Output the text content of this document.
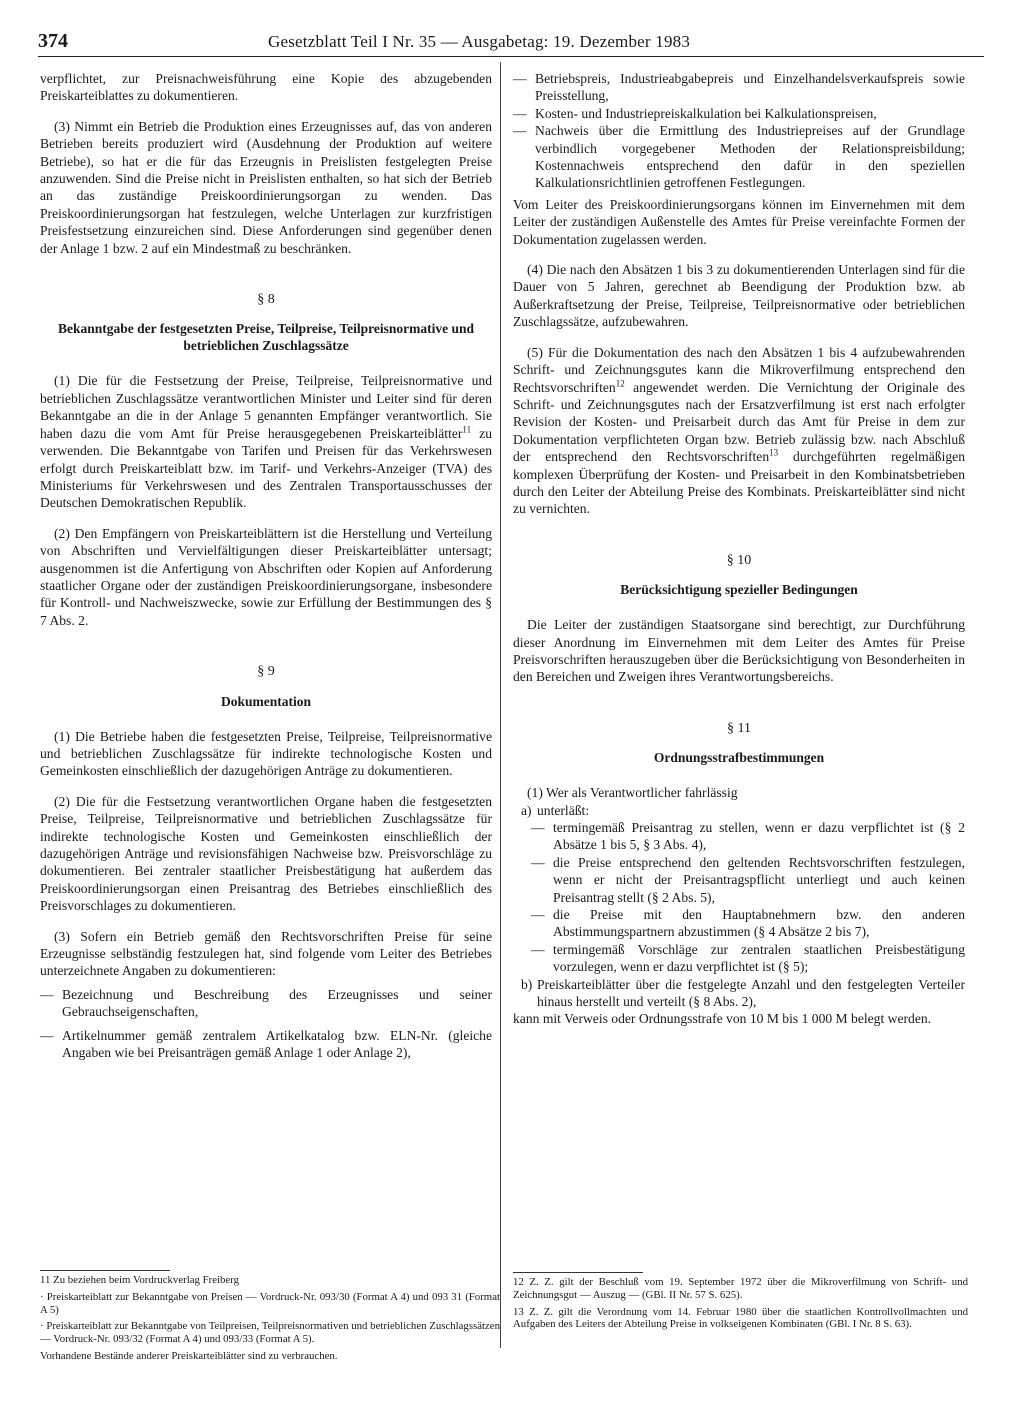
374	Gesetzblatt Teil I Nr. 35 — Ausgabetag: 19. Dezember 1983

verpflichtet, zur Preisnachweisführung eine Kopie des abzugebenden Preiskarteiblattes zu dokumentieren.

(3) Nimmt ein Betrieb die Produktion eines Erzeugnisses auf, das von anderen Betrieben bereits produziert wird (Ausdehnung der Produktion auf weitere Betriebe), so hat er die für das Erzeugnis in Preislisten festgelegten Preise anzuwenden. Sind die Preise nicht in Preislisten enthalten, so hat sich der Betrieb an das zuständige Preiskoordinierungsorgan zu wenden. Das Preiskoordinierungsorgan hat festzulegen, welche Unterlagen zur kurzfristigen Preisfestsetzung einzureichen sind. Diese Anforderungen sind gegenüber denen der Anlage 1 bzw. 2 auf ein Mindestmaß zu beschränken.

§ 8
Bekanntgabe der festgesetzten Preise, Teilpreise, Teilpreisnormative und betrieblichen Zuschlagssätze

(1) Die für die Festsetzung der Preise, Teilpreise, Teilpreisnormative und betrieblichen Zuschlagssätze verantwortlichen Minister und Leiter sind für deren Bekanntgabe an die in der Anlage 5 genannten Empfänger verantwortlich. Sie haben dazu die vom Amt für Preise herausgegebenen Preiskarteiblätter$^{11}$ zu verwenden. Die Bekanntgabe von Tarifen und Preisen für das Verkehrswesen erfolgt durch Preiskarteiblatt bzw. im Tarif- und Verkehrs-Anzeiger (TVA) des Ministeriums für Verkehrswesen und des Zentralen Transportausschusses der Deutschen Demokratischen Republik.

(2) Den Empfängern von Preiskarteiblättern ist die Herstellung und Verteilung von Abschriften und Vervielfältigungen dieser Preiskarteiblätter untersagt; ausgenommen ist die Anfertigung von Abschriften oder Kopien auf Anforderung staatlicher Organe oder der zuständigen Preiskoordinierungsorgane, insbesondere für Kontroll- und Nachweiszwecke, sowie zur Erfüllung der Bestimmungen des § 7 Abs. 2.

§ 9
Dokumentation

(1) Die Betriebe haben die festgesetzten Preise, Teilpreise, Teilpreisnormative und betrieblichen Zuschlagssätze für indirekte technologische Kosten und Gemeinkosten einschließlich der dazugehörigen Anträge zu dokumentieren.

(2) Die für die Festsetzung verantwortlichen Organe haben die festgesetzten Preise, Teilpreise, Teilpreisnormative und betrieblichen Zuschlagssätze für indirekte technologische Kosten und Gemeinkosten einschließlich der dazugehörigen Anträge und revisionsfähigen Nachweise bzw. Preisvorschläge zu dokumentieren. Bei zentraler staatlicher Preisbestätigung hat außerdem das Preiskoordinierungsorgan einen Preisantrag des Betriebes einschließlich des Preisvorschlages zu dokumentieren.

(3) Sofern ein Betrieb gemäß den Rechtsvorschriften Preise für seine Erzeugnisse selbständig festzulegen hat, sind folgende vom Leiter des Betriebes unterzeichnete Angaben zu dokumentieren:

— Bezeichnung und Beschreibung des Erzeugnisses und seiner Gebrauchseigenschaften,
— Artikelnummer gemäß zentralem Artikelkatalog bzw. ELN-Nr. (gleiche Angaben wie bei Preisanträgen gemäß Anlage 1 oder Anlage 2),
— Betriebspreis, Industrieabgabepreis und Einzelhandelsverkaufspreis sowie Preisstellung,
— Kosten- und Industriepreiskalkulation bei Kalkulationspreisen,
— Nachweis über die Ermittlung des Industriepreises auf der Grundlage verbindlich vorgegebener Methoden der Relationspreisbildung; Kostennachweis entsprechend den dafür in den speziellen Kalkulationsrichtlinien getroffenen Festlegungen.

Vom Leiter des Preiskoordinierungsorgans können im Einvernehmen mit dem Leiter der zuständigen Außenstelle des Amtes für Preise vereinfachte Formen der Dokumentation zugelassen werden.

(4) Die nach den Absätzen 1 bis 3 zu dokumentierenden Unterlagen sind für die Dauer von 5 Jahren, gerechnet ab Beendigung der Produktion bzw. ab Außerkraftsetzung der Preise, Teilpreise, Teilpreisnormative oder betrieblichen Zuschlagssätze, aufzubewahren.

(5) Für die Dokumentation des nach den Absätzen 1 bis 4 aufzubewahrenden Schrift- und Zeichnungsgutes kann die Mikroverfilmung entsprechend den Rechtsvorschriften$^{12}$ angewendet werden. Die Vernichtung der Originale des Schrift- und Zeichnungsgutes nach der Ersatzverfilmung ist erst nach erfolgter Revision der Kosten- und Preisarbeit durch das Amt für Preise in dem zur Dokumentation verpflichteten Organ bzw. Betrieb zulässig bzw. nach Abschluß der entsprechend den Rechtsvorschriften$^{13}$ durchgeführten regelmäßigen komplexen Überprüfung der Kosten- und Preisarbeit in den Kombinatsbetrieben durch den Leiter der Abteilung Preise des Kombinats. Preiskarteiblätter sind nicht zu vernichten.

§ 10
Berücksichtigung spezieller Bedingungen

Die Leiter der zuständigen Staatsorgane sind berechtigt, zur Durchführung dieser Anordnung im Einvernehmen mit dem Leiter des Amtes für Preise Preisvorschriften herauszugeben über die Berücksichtigung von Besonderheiten in den Bereichen und Zweigen ihres Verantwortungsbereichs.

§ 11
Ordnungsstrafbestimmungen

(1) Wer als Verantwortlicher fahrlässig

a) unterläßt:
— termingemäß Preisantrag zu stellen, wenn er dazu verpflichtet ist (§ 2 Absätze 1 bis 5, § 3 Abs. 4),
— die Preise entsprechend den geltenden Rechtsvorschriften festzulegen, wenn er nicht der Preisantragspflicht unterliegt und auch keinen Preisantrag stellt (§ 2 Abs. 5),
— die Preise mit den Hauptabnehmern bzw. den anderen Abstimmungspartnern abzustimmen (§ 4 Absätze 2 bis 7),
— termingemäß Vorschläge zur zentralen staatlichen Preisbestätigung vorzulegen, wenn er dazu verpflichtet ist (§ 5);
b) Preiskarteiblätter über die festgelegte Anzahl und den festgelegten Verteiler hinaus herstellt und verteilt (§ 8 Abs. 2),

kann mit Verweis oder Ordnungsstrafe von 10 M bis 1 000 M belegt werden.

11 Zu beziehen beim Vordruckverlag Freiberg
· Preiskarteiblatt zur Bekanntgabe von Preisen — Vordruck-Nr. 093/30 (Format A 4) und 093 31 (Format A 5)
· Preiskarteiblatt zur Bekanntgabe von Teilpreisen, Teilpreisnormativen und betrieblichen Zuschlagssätzen — Vordruck-Nr. 093/32 (Format A 4) und 093/33 (Format A 5).
Vorhandene Bestände anderer Preiskarteiblätter sind zu verbrauchen.
12 Z. Z. gilt der Beschluß vom 19. September 1972 über die Mikroverfilmung von Schrift- und Zeichnungsgut — Auszug — (GBl. II Nr. 57 S. 625).
13 Z. Z. gilt die Verordnung vom 14. Februar 1980 über die staatlichen Kontrollvollmachten und Aufgaben des Leiters der Abteilung Preise in volkseigenen Kombinaten (GBl. I Nr. 8 S. 63).
